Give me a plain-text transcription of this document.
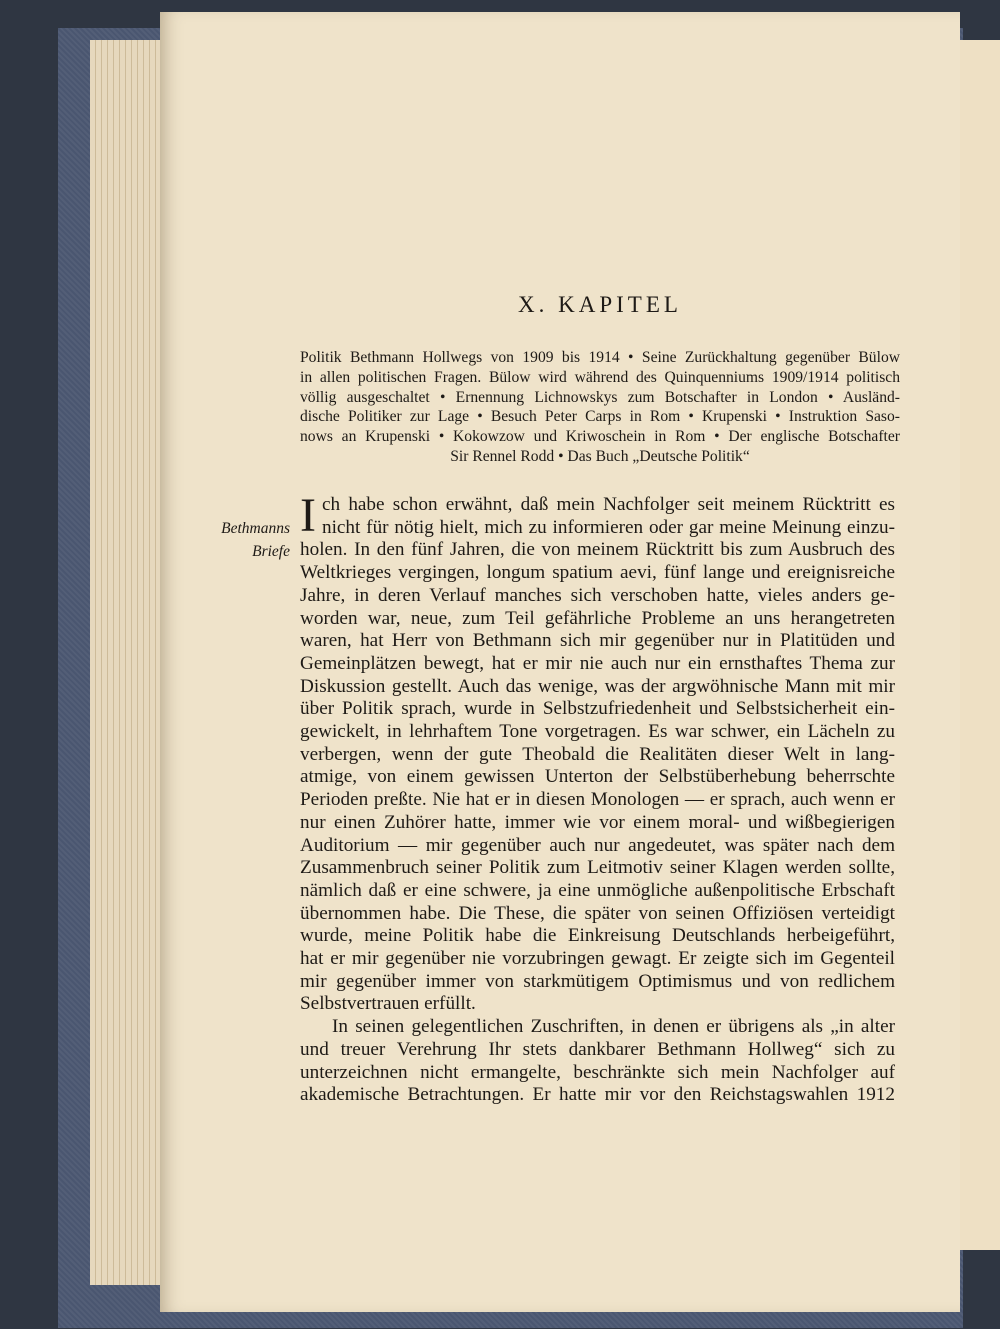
X. KAPITEL
Politik Bethmann Hollwegs von 1909 bis 1914 • Seine Zurückhaltung gegenüber Bülow
in allen politischen Fragen. Bülow wird während des Quinquenniums 1909/1914 politisch
völlig ausgeschaltet • Ernennung Lichnowskys zum Botschafter in London • Ausländ-
dische Politiker zur Lage • Besuch Peter Carps in Rom • Krupenski • Instruktion Saso-
nows an Krupenski • Kokowzow und Kriwoschein in Rom • Der englische Botschafter
Sir Rennel Rodd • Das Buch „Deutsche Politik“
Bethmanns
Briefe
I ch habe schon erwähnt, daß mein Nachfolger seit meinem Rücktritt es
nicht für nötig hielt, mich zu informieren oder gar meine Meinung einzu-
holen. In den fünf Jahren, die von meinem Rücktritt bis zum Ausbruch des
Weltkrieges vergingen, longum spatium aevi, fünf lange und ereignisreiche
Jahre, in deren Verlauf manches sich verschoben hatte, vieles anders ge-
worden war, neue, zum Teil gefährliche Probleme an uns herangetreten
waren, hat Herr von Bethmann sich mir gegenüber nur in Platitüden und
Gemeinplätzen bewegt, hat er mir nie auch nur ein ernsthaftes Thema zur
Diskussion gestellt. Auch das wenige, was der argwöhnische Mann mit mir
über Politik sprach, wurde in Selbstzufriedenheit und Selbstsicherheit ein-
gewickelt, in lehrhaftem Tone vorgetragen. Es war schwer, ein Lächeln zu
verbergen, wenn der gute Theobald die Realitäten dieser Welt in lang-
atmige, von einem gewissen Unterton der Selbstüberhebung beherrschte
Perioden preßte. Nie hat er in diesen Monologen — er sprach, auch wenn er
nur einen Zuhörer hatte, immer wie vor einem moral- und wißbegierigen
Auditorium — mir gegenüber auch nur angedeutet, was später nach dem
Zusammenbruch seiner Politik zum Leitmotiv seiner Klagen werden sollte,
nämlich daß er eine schwere, ja eine unmögliche außenpolitische Erbschaft
übernommen habe. Die These, die später von seinen Offiziösen verteidigt
wurde, meine Politik habe die Einkreisung Deutschlands herbeigeführt,
hat er mir gegenüber nie vorzubringen gewagt. Er zeigte sich im Gegenteil
mir gegenüber immer von starkmütigem Optimismus und von redlichem
Selbstvertrauen erfüllt.
In seinen gelegentlichen Zuschriften, in denen er übrigens als „in alter
und treuer Verehrung Ihr stets dankbarer Bethmann Hollweg“ sich zu
unterzeichnen nicht ermangelte, beschränkte sich mein Nachfolger auf
akademische Betrachtungen. Er hatte mir vor den Reichstagswahlen 1912
